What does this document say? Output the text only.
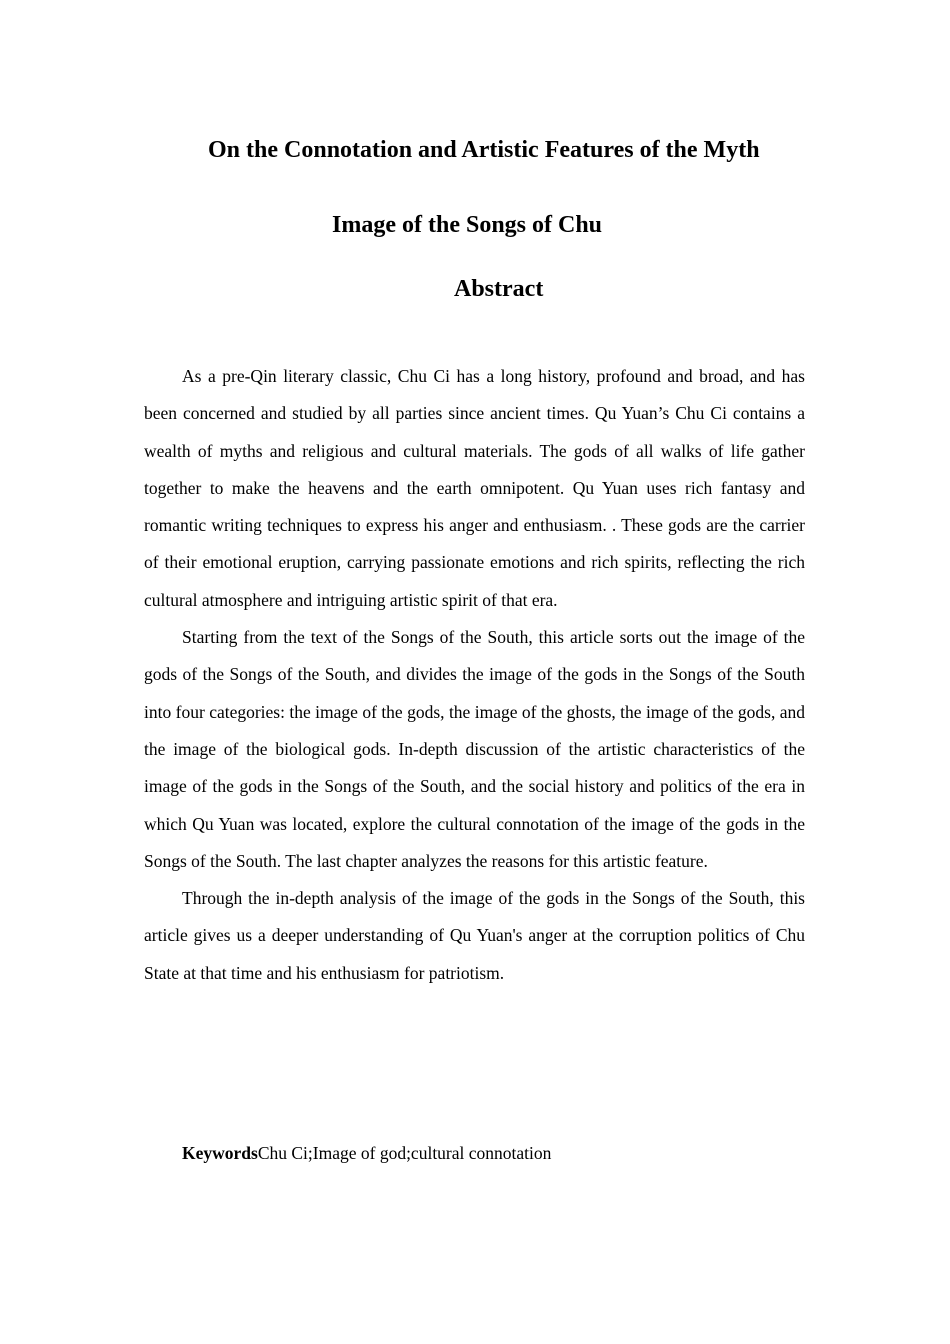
On the Connotation and Artistic Features of the Myth
Image of the Songs of Chu
Abstract

As a pre-Qin literary classic, Chu Ci has a long history, profound and broad, and has been concerned and studied by all parties since ancient times. Qu Yuan’s Chu Ci contains a wealth of myths and religious and cultural materials. The gods of all walks of life gather together to make the heavens and the earth omnipotent. Qu Yuan uses rich fantasy and romantic writing techniques to express his anger and enthusiasm. . These gods are the carrier of their emotional eruption, carrying passionate emotions and rich spirits, reflecting the rich cultural atmosphere and intriguing artistic spirit of that era.

Starting from the text of the Songs of the South, this article sorts out the image of the gods of the Songs of the South, and divides the image of the gods in the Songs of the South into four categories: the image of the gods, the image of the ghosts, the image of the gods, and the image of the biological gods. In-depth discussion of the artistic characteristics of the image of the gods in the Songs of the South, and the social history and politics of the era in which Qu Yuan was located, explore the cultural connotation of the image of the gods in the Songs of the South. The last chapter analyzes the reasons for this artistic feature.

Through the in-depth analysis of the image of the gods in the Songs of the South, this article gives us a deeper understanding of Qu Yuan's anger at the corruption politics of Chu State at that time and his enthusiasm for patriotism.

KeywordsChu Ci;Image of god;cultural connotation
